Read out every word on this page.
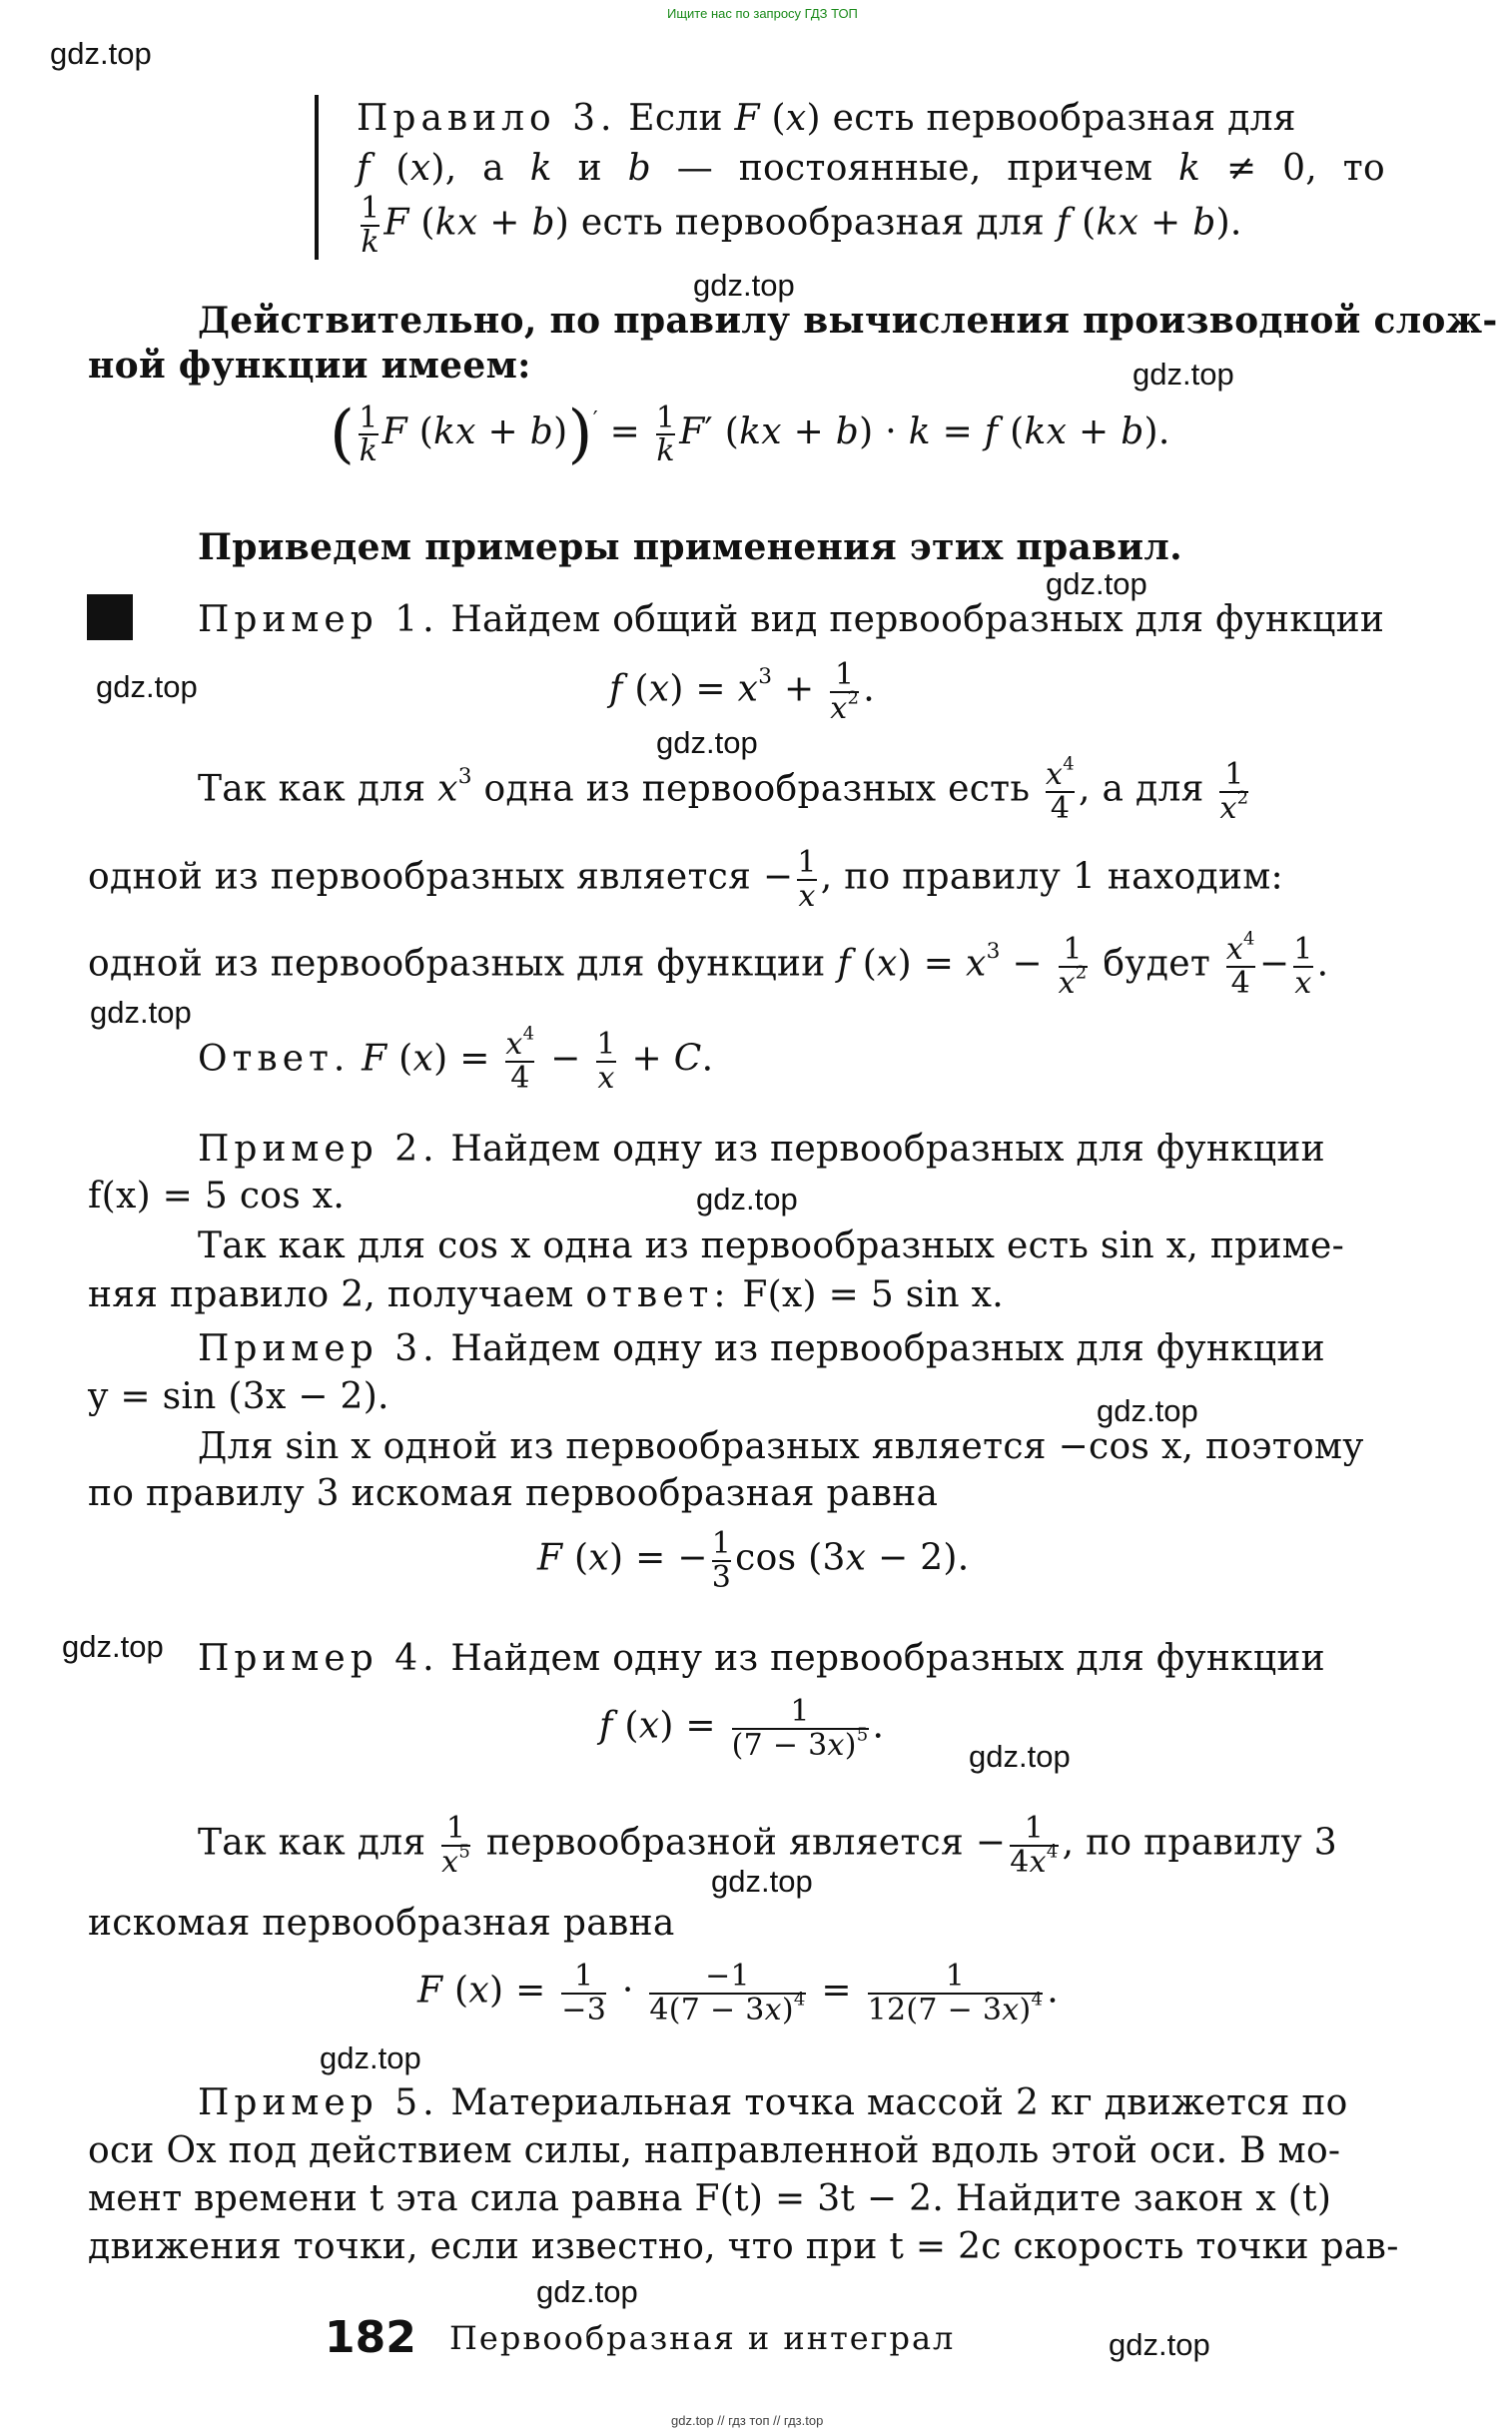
Ищите нас по запросу ГДЗ ТОП
gdz.top
gdz.top
gdz.top
gdz.top
gdz.top
gdz.top
gdz.top
gdz.top
gdz.top
gdz.top
gdz.top
gdz.top
gdz.top
gdz.top
gdz.top
Правило 3. Если F (x) есть первообразная для
f (x), а k и b — постоянные, причем k ≠ 0, то
$\frac{1}{k}$ F (kx + b) есть первообразная для f (kx + b).
Действительно, по правилу вычисления производной слож-
ной функции имеем:
( $\frac{1}{k}$ F $(kx + b))' = \frac{1}{k} F'$ (kx + b) · k = f (kx + b).
Приведем примеры применения этих правил.
Пример 1. Найдем общий вид первообразных для функции
f $(x) = x^3 + \frac{1}{x^2}$ .
Так как для $x^3$ одна из первообразных есть $\frac{x^4}{4}$ , а для $\frac{1}{x^2}$
одной из первообразных является − $\frac{1}{x}$ , по правилу 1 находим:
одной из первообразных для функции f $(x) = x^3 - \frac{1}{x^2}$ будет $\frac{x^4}{4} - \frac{1}{x}$ .
Ответ. F $(x) = \frac{x^4}{4} - \frac{1}{x} + C$.
Пример 2. Найдем одну из первообразных для функции
f(x) = 5 cos x.
Так как для cos x одна из первообразных есть sin x, приме-
няя правило 2, получаем ответ: F(x) = 5 sin x.
Пример 3. Найдем одну из первообразных для функции
y = sin (3x − 2).
Для sin x одной из первообразных является −cos x, поэтому
по правилу 3 искомая первообразная равна
F (x) = − $\frac{1}{3}$ cos (3x − 2).
Пример 4. Найдем одну из первообразных для функции
f $(x) = \frac{1}{(7 - 3x)^5}$ .
Так как для $\frac{1}{x^5}$ первообразной является − $\frac{1}{4x^4}$ , по правилу 3
искомая первообразная равна
F $(x) = \frac{1}{-3} \cdot \frac{-1}{4(7 - 3x)^4} = \frac{1}{12(7 - 3x)^4}$ .
Пример 5. Материальная точка массой 2 кг движется по
оси Ox под действием силы, направленной вдоль этой оси. В мо-
мент времени t эта сила равна F(t) = 3t − 2. Найдите закон x (t)
движения точки, если известно, что при t = 2c скорость точки рав-
182 Первообразная и интеграл
gdz.top // гдз топ // гдз.top
